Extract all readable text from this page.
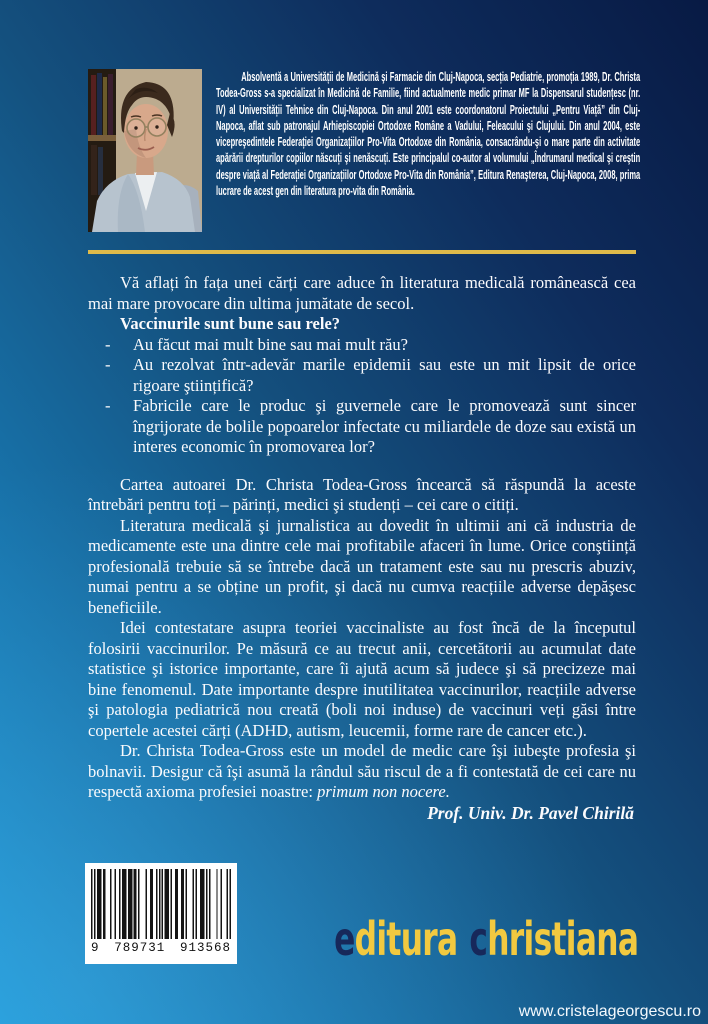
Absolventă a Universității de Medicină şi Farmacie din Cluj-Napoca, secția Pediatrie, promoția 1989, Dr. Christa Todea-Gross s-a specializat în Medicină de Familie, fiind actualmente medic primar MF la Dispensarul studențesc (nr. IV) al Universității Tehnice din Cluj-Napoca. Din anul 2001 este coordonatorul Proiectului „Pentru Viață” din Cluj-Napoca, aflat sub patronajul Arhiepiscopiei Ortodoxe Române a Vadului, Feleacului şi Clujului. Din anul 2004, este vicepreşedintele Federației Organizațiilor Pro-Vita Ortodoxe din România, consacrându-şi o mare parte din activitate apărării drepturilor copiilor născuți şi nenăscuți. Este principalul co-autor al volumului „Îndrumarul medical şi creştin despre viață al Federației Organizațiilor Ortodoxe Pro-Vita din România”, Editura Renaşterea, Cluj-Napoca, 2008, prima lucrare de acest gen din literatura pro-vita din România.

Vă aflați în fața unei cărți care aduce în literatura medicală românească cea mai mare provocare din ultima jumătate de secol.

Vaccinurile sunt bune sau rele?

-	Au făcut mai mult bine sau mai mult rău?
-	Au rezolvat într-adevăr marile epidemii sau este un mit lipsit de orice rigoare ştiințifică?
-	Fabricile care le produc şi guvernele care le promovează sunt sincer îngrijorate de bolile popoarelor infectate cu miliardele de doze sau există un interes economic în promovarea lor?

Cartea autoarei Dr. Christa Todea-Gross încearcă să răspundă la aceste întrebări pentru toți – părinți, medici şi studenți – cei care o citiți.

Literatura medicală şi jurnalistica au dovedit în ultimii ani că industria de medicamente este una dintre cele mai profitabile afaceri în lume. Orice conştiință profesională trebuie să se întrebe dacă un tratament este sau nu prescris abuziv, numai pentru a se obține un profit, şi dacă nu cumva reacțiile adverse depăşesc beneficiile.

Idei contestatare asupra teoriei vaccinaliste au fost încă de la începutul folosirii vaccinurilor. Pe măsură ce au trecut anii, cercetătorii au acumulat date statistice şi istorice importante, care îi ajută acum să judece şi să precizeze mai bine fenomenul. Date importante despre inutilitatea vaccinurilor, reacțiile adverse şi patologia pediatrică nou creată (boli noi induse) de vaccinuri veți găsi între copertele acestei cărți (ADHD, autism, leucemii, forme rare de cancer etc.).

Dr. Christa Todea-Gross este un model de medic care îşi iubeşte profesia şi bolnavii. Desigur că îşi asumă la rândul său riscul de a fi contestată de cei care nu respectă axioma profesiei noastre: primum non nocere.

Prof. Univ. Dr. Pavel Chirilă

9 789731 913568 editura christiana
www.cristelageorgescu.ro
